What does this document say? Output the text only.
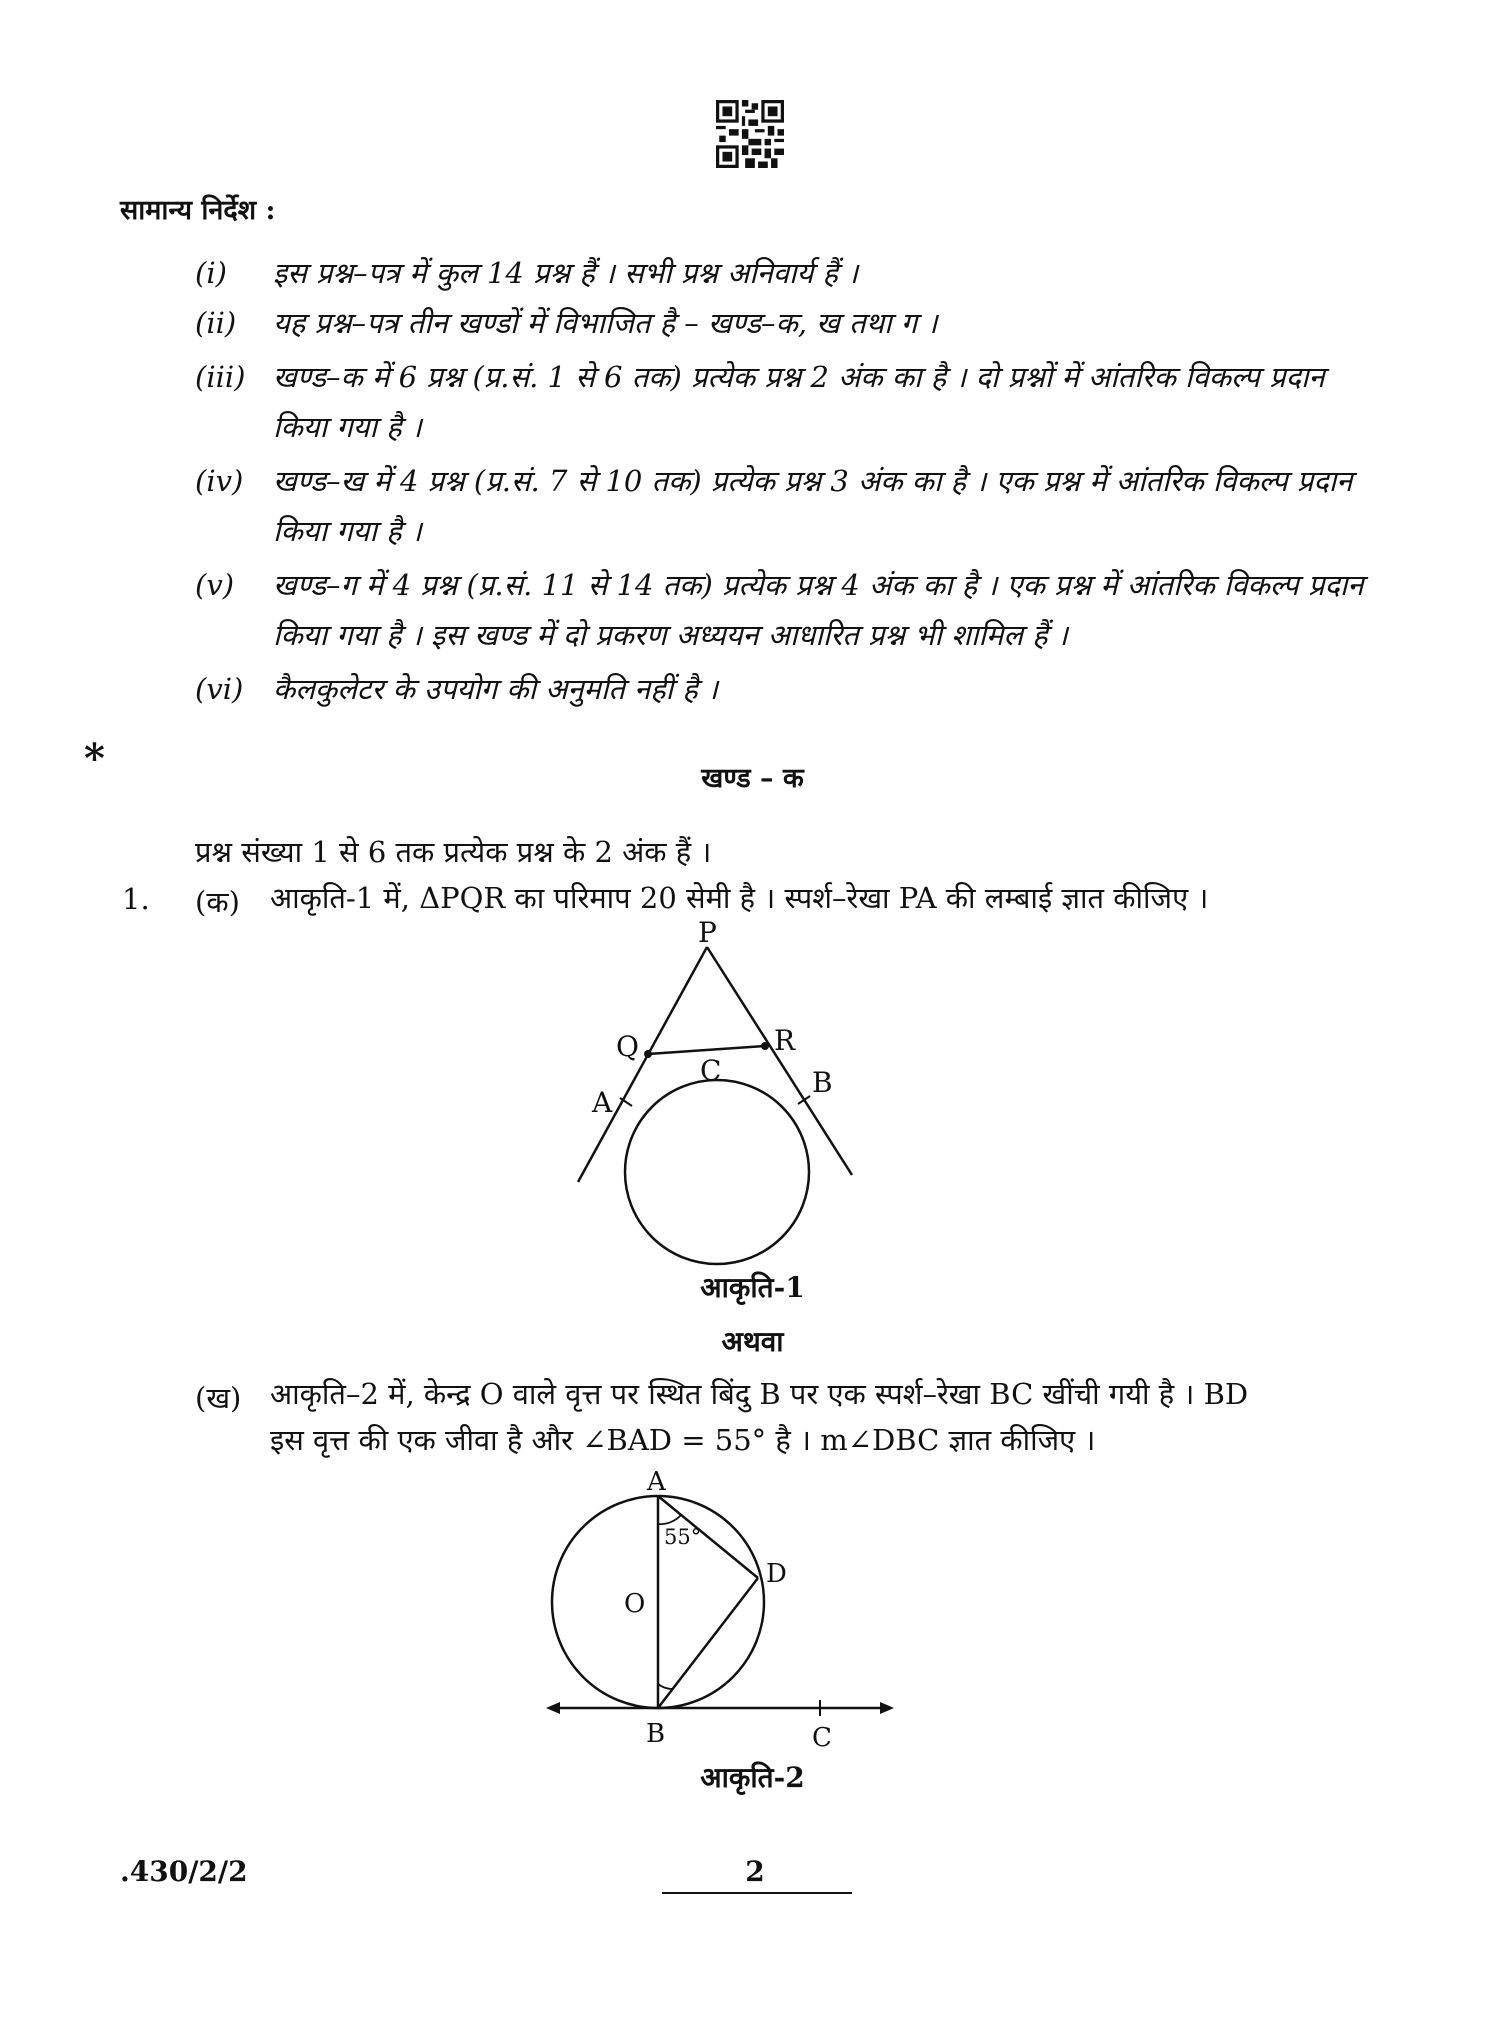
सामान्य निर्देश :
(i)	इस प्रश्न–पत्र में कुल 14 प्रश्न हैं । सभी प्रश्न अनिवार्य हैं ।
(ii)	यह प्रश्न–पत्र तीन खण्डों में विभाजित है – खण्ड–क, ख तथा ग ।
(iii) खण्ड–क में 6 प्रश्न (प्र.सं. 1 से 6 तक) प्रत्येक प्रश्न 2 अंक का है । दो प्रश्नों में आंतरिक विकल्प प्रदान किया गया है ।
(iv)	खण्ड–ख में 4 प्रश्न (प्र.सं. 7 से 10 तक) प्रत्येक प्रश्न 3 अंक का है । एक प्रश्न में आंतरिक विकल्प प्रदान किया गया है ।
(v)	खण्ड–ग में 4 प्रश्न (प्र.सं. 11 से 14 तक) प्रत्येक प्रश्न 4 अंक का है । एक प्रश्न में आंतरिक विकल्प प्रदान किया गया है । इस खण्ड में दो प्रकरण अध्ययन आधारित प्रश्न भी शामिल हैं ।
(vi)	कैलकुलेटर के उपयोग की अनुमति नहीं है ।
*	खण्ड – क
प्रश्न संख्या 1 से 6 तक प्रत्येक प्रश्न के 2 अंक हैं ।
1. (क) आकृति-1 में, ΔPQR का परिमाप 20 सेमी है । स्पर्श–रेखा PA की लम्बाई ज्ञात कीजिए ।
P
Q	R
C
A
B
आकृति-1
अथवा
(ख) आकृति–2 में, केन्द्र O वाले वृत्त पर स्थित बिंदु B पर एक स्पर्श–रेखा BC खींची गयी है । BD
इस वृत्त की एक जीवा है और ∠BAD = 55° है । m∠DBC ज्ञात कीजिए ।
A
D
O
B	C
55°
आकृति-2
.430/2/2	2
